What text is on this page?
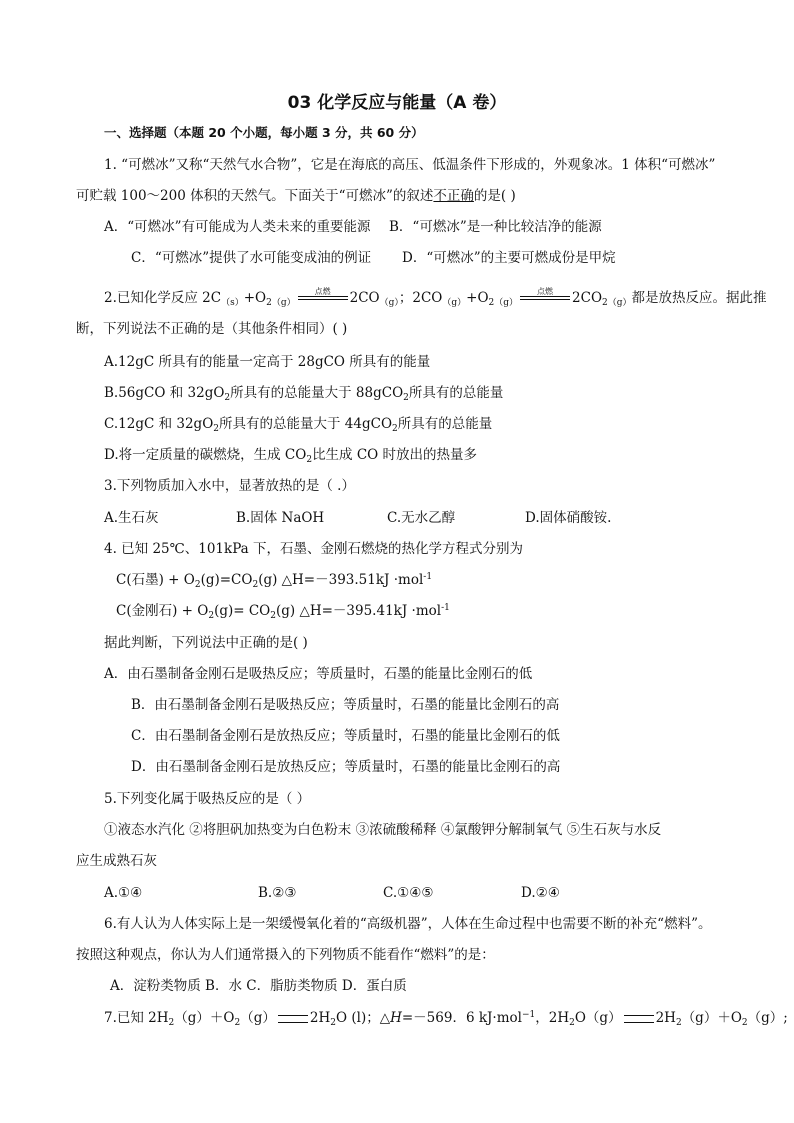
03 化学反应与能量（A 卷）
一、选择题（本题 20 个小题，每小题 3 分，共 60 分）
1. “可燃冰”又称“天然气水合物”，它是在海底的高压、低温条件下形成的，外观象冰。1 体积“可燃冰”
可贮载 100～200 体积的天然气。下面关于“可燃冰”的叙述不正确的是( )
A．“可燃冰”有可能成为人类未来的重要能源 B．“可燃冰”是一种比较洁净的能源
C．“可燃冰”提供了水可能变成油的例证 D．“可燃冰”的主要可燃成份是甲烷
2.已知化学反应 $2C_{(s)}+O_{2(g)}$
点燃	$2CO_{(g)}$；$2CO_{(g)}+O_{2(g)}$
点燃	$2CO_{2(g)}$都是放热反应。据此推
断，下列说法不正确的是（其他条件相同）( )
A.12gC 所具有的能量一定高于 28gCO 所具有的能量
B.56gCO 和 $32gO_2$所具有的总能量大于 88gCO$_2$所具有的总能量
C.12gC 和 $32gO_2$所具有的总能量大于 44gCO$_2$所具有的总能量
D.将一定质量的碳燃烧，生成 $CO_2$比生成 CO 时放出的热量多
3.下列物质加入水中，显著放热的是（ .）
A.生石灰	B.固体 NaOH	C.无水乙醇	D.固体硝酸铵.
4. 已知 25℃、101kPa 下，石墨、金刚石燃烧的热化学方程式分别为
C(石墨) + $O_2(g)=CO_2(g)$ △H=－393.51kJ ·mol$^{-1}$
C(金刚石) + $O_2(g)= CO_2(g)$ △H=－395.41kJ ·mol$^{-1}$
据此判断，下列说法中正确的是( )
A．由石墨制备金刚石是吸热反应；等质量时，石墨的能量比金刚石的低
B．由石墨制备金刚石是吸热反应；等质量时，石墨的能量比金刚石的高
C．由石墨制备金刚石是放热反应；等质量时，石墨的能量比金刚石的低
D．由石墨制备金刚石是放热反应；等质量时，石墨的能量比金刚石的高
5.下列变化属于吸热反应的是（ ）
①液态水汽化 ②将胆矾加热变为白色粉末 ③浓硫酸稀释 ④氯酸钾分解制氧气 ⑤生石灰与水反
应生成熟石灰
A.①④	B.②③	C.①④⑤	D.②④
6.有人认为人体实际上是一架缓慢氧化着的“高级机器”，人体在生命过程中也需要不断的补充“燃料”。
按照这种观点，你认为人们通常摄入的下列物质不能看作“燃料”的是：
A．淀粉类物质 B．水 C．脂肪类物质 D．蛋白质
7.已知 $2H_2(g)+O_2(g)$	$2H_2O$ (l)；△H=－569．6 kJ·mol$^{-1}$，$2H_2O(g)$	$2H_2(g)+O_2(g)$;
